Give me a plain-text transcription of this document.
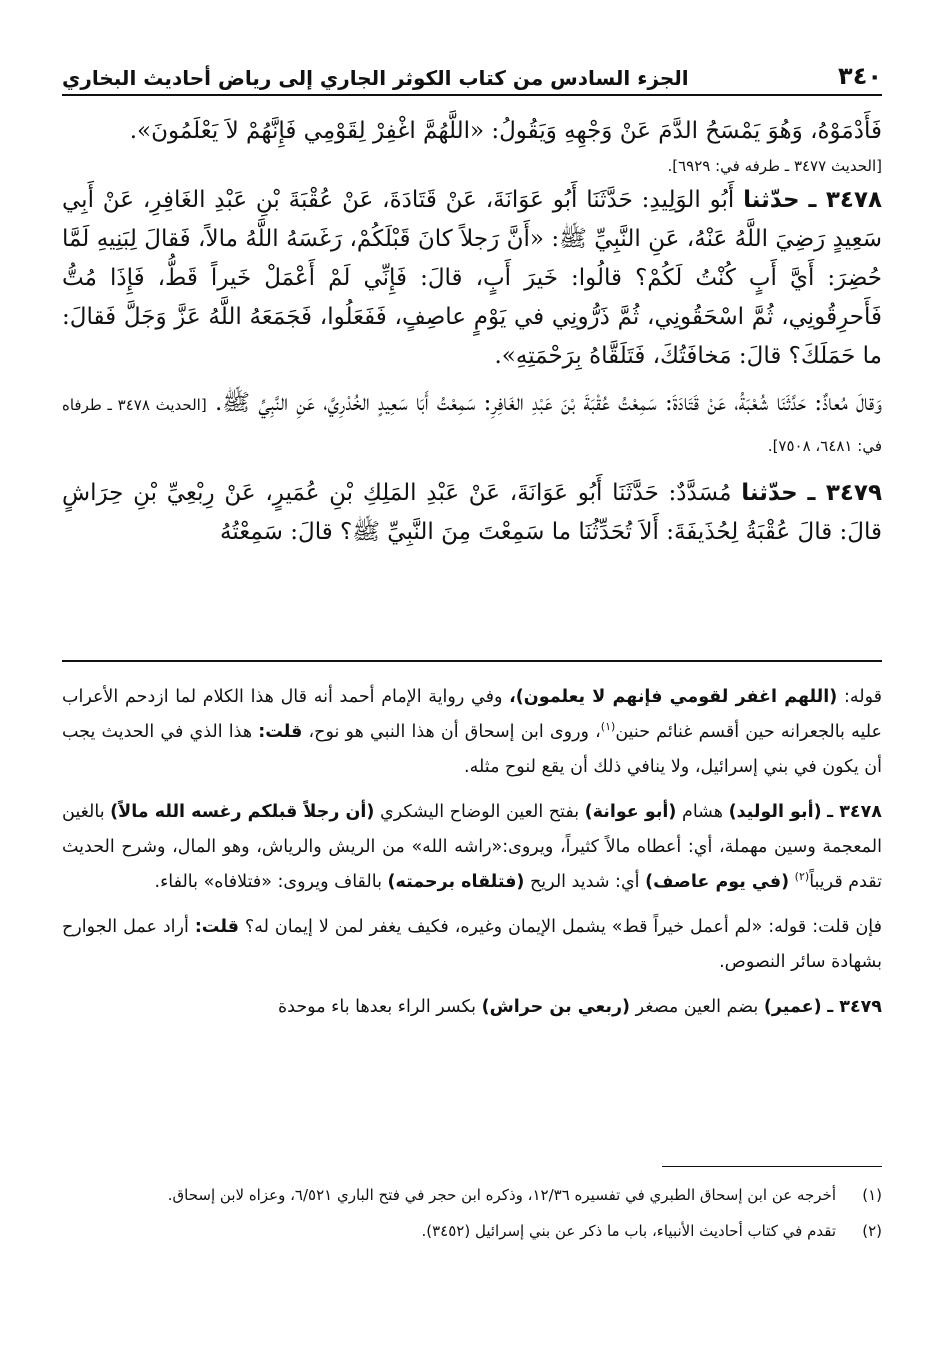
٣٤٠
الجزء السادس من كتاب الكوثر الجاري إلى رياض أحاديث البخاري

فَأَدْمَوْهُ، وَهُوَ يَمْسَحُ الدَّمَ عَنْ وَجْهِهِ وَيَقُولُ: «اللَّهُمَّ اغْفِرْ لِقَوْمِي فَإِنَّهُمْ لاَ يَعْلَمُونَ».

[الحديث ٣٤٧٧ ـ طرفه في: ٦٩٢٩].

٣٤٧٨ ـ حدّثنا أَبُو الوَلِيدِ: حَدَّثَنَا أَبُو عَوَانَةَ، عَنْ قَتَادَةَ، عَنْ عُقْبَةَ بْنِ عَبْدِ الغَافِرِ، عَنْ أَبِي سَعِيدٍ رَضِيَ اللَّهُ عَنْهُ، عَنِ النَّبِيِّ ﷺ: «أَنَّ رَجلاً كانَ قَبْلَكُمْ، رَغَسَهُ اللَّهُ مالاً، فَقالَ لِبَنِيهِ لَمَّا حُضِرَ: أَيَّ أَبٍ كُنْتُ لَكُمْ؟ قالُوا: خَيرَ أَبٍ، قالَ: فَإِنِّي لَمْ أَعْمَلْ خَيراً قَطُّ، فَإِذَا مُتُّ فَأَحرِقُونِي، ثُمَّ اسْحَقُونِي، ثُمَّ ذَرُّونِي في يَوْمٍ عاصِفٍ، فَفَعَلُوا، فَجَمَعَهُ اللَّهُ عَزَّ وَجَلَّ فَقالَ: ما حَمَلَكَ؟ قالَ: مَخافَتُكَ، فَتَلَقَّاهُ بِرَحْمَتِهِ».

وَقالَ مُعاذٌ: حَدَّثَنَا شُعْبَةُ، عَنْ قَتَادَةَ: سَمِعْتُ عُقْبَةَ بْنَ عَبْدِ الغَافِرِ: سَمِعْتُ أَبَا سَعِيدٍ الخُدْرِيَّ، عَنِ النَّبِيِّ ﷺ. [الحديث ٣٤٧٨ ـ طرفاه في: ٦٤٨١، ٧٥٠٨].

٣٤٧٩ ـ حدّثنا مُسَدَّدٌ: حَدَّثَنَا أَبُو عَوَانَةَ، عَنْ عَبْدِ المَلِكِ بْنِ عُمَيرٍ، عَنْ رِبْعِيِّ بْنِ حِرَاشٍ قالَ: قالَ عُقْبَةُ لِحُذَيفَةَ: أَلاَ تُحَدِّثُنَا ما سَمِعْتَ مِنَ النَّبِيِّ ﷺ؟ قالَ: سَمِعْتُهُ

قوله: (اللهم اغفر لقومي فإنهم لا يعلمون)، وفي رواية الإمام أحمد أنه قال هذا الكلام لما ازدحم الأعراب عليه بالجعرانه حين أقسم غنائم حنين$^{(١)}$، وروى ابن إسحاق أن هذا النبي هو نوح، قلت: هذا الذي في الحديث يجب أن يكون في بني إسرائيل، ولا ينافي ذلك أن يقع لنوح مثله.

٣٤٧٨ ـ (أبو الوليد) هشام (أبو عوانة) بفتح العين الوضاح اليشكري (أن رجلاً قبلكم رغسه الله مالاً) بالغين المعجمة وسين مهملة، أي: أعطاه مالاً كثيراً، ويروى:«راشه الله» من الريش والرياش، وهو المال، وشرح الحديث تقدم قريباً$^{(٢)}$ (في يوم عاصف) أي: شديد الريح (فتلقاه برحمته) بالقاف ويروى: «فتلافاه» بالفاء.

فإن قلت: قوله: «لم أعمل خيراً قط» يشمل الإيمان وغيره، فكيف يغفر لمن لا إيمان له؟ قلت: أراد عمل الجوارح بشهادة سائر النصوص.

٣٤٧٩ ـ (عمير) بضم العين مصغر (ربعي بن حراش) بكسر الراء بعدها باء موحدة

(١)
أخرجه عن ابن إسحاق الطبري في تفسيره ١٢/٣٦، وذكره ابن حجر في فتح الباري ٦/٥٢١، وعزاه لابن إسحاق.
(٢)
تقدم في كتاب أحاديث الأنبياء، باب ما ذكر عن بني إسرائيل (٣٤٥٢).
